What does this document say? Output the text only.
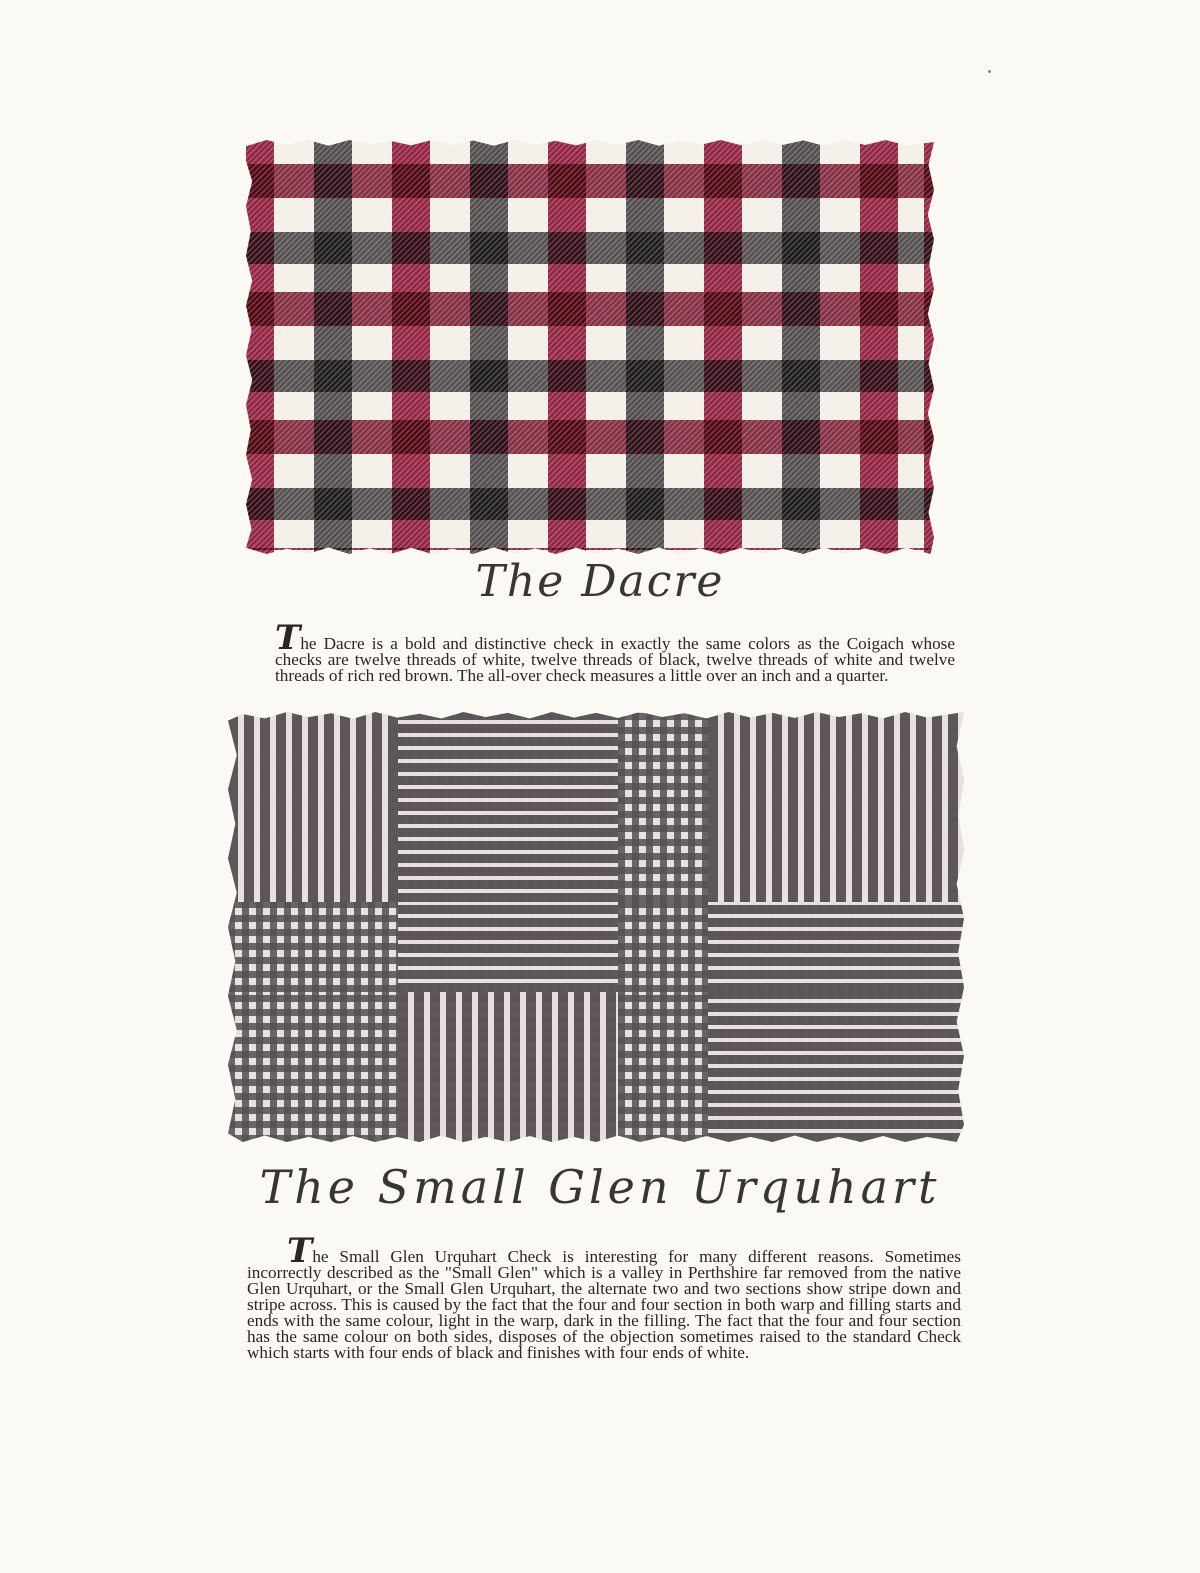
The Dacre

The Dacre is a bold and distinctive check in exactly the same colors as the Coigach whose checks are twelve threads of white, twelve threads of black, twelve threads of white and twelve threads of rich red brown. The all-over check measures a little over an inch and a quarter.

The Small Glen Urquhart

The Small Glen Urquhart Check is interesting for many different reasons. Sometimes incorrectly described as the "Small Glen" which is a valley in Perthshire far removed from the native Glen Urquhart, or the Small Glen Urquhart, the alternate two and two sections show stripe down and stripe across. This is caused by the fact that the four and four section in both warp and filling starts and ends with the same colour, light in the warp, dark in the filling. The fact that the four and four section has the same colour on both sides, disposes of the objection sometimes raised to the standard Check which starts with four ends of black and finishes with four ends of white.
